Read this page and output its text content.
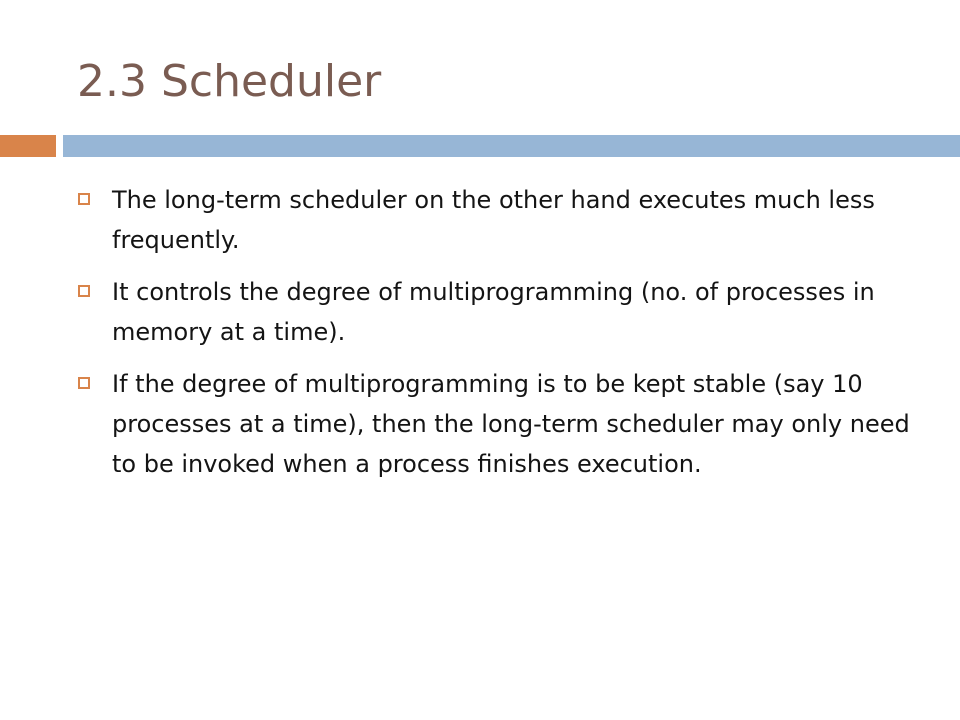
2.3 Scheduler
The long-term scheduler on the other hand executes much less frequently.
It controls the degree of multiprogramming (no. of processes in memory at a time).
If the degree of multiprogramming is to be kept stable (say 10 processes at a time), then the long-term scheduler may only need to be invoked when a process finishes execution.
